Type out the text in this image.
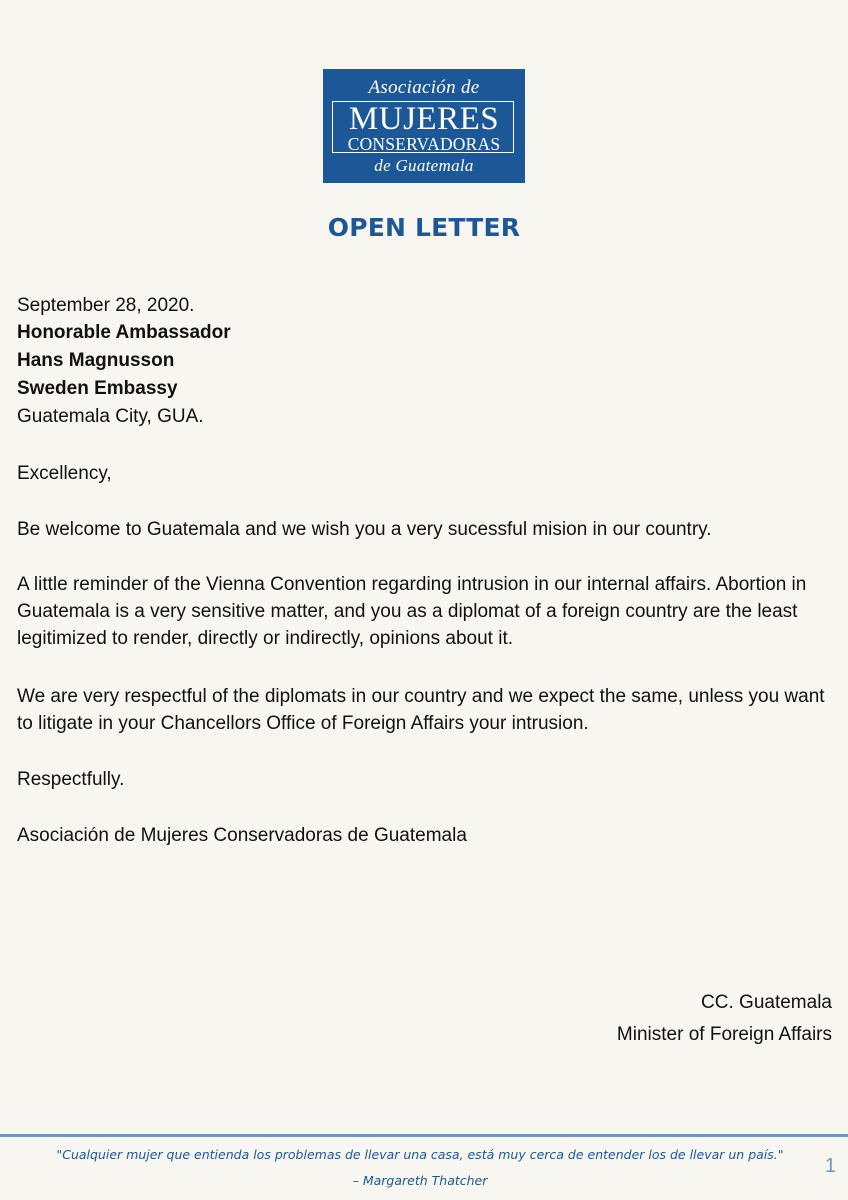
Asociación de
MUJERES
CONSERVADORAS
de Guatemala
OPEN LETTER

September 28, 2020.

Honorable Ambassador

Hans Magnusson

Sweden Embassy

Guatemala City, GUA.

Excellency,

Be welcome to Guatemala and we wish you a very sucessful mision in our country.

A little reminder of the Vienna Convention regarding intrusion in our internal affairs. Abortion in Guatemala is a very sensitive matter, and you as a diplomat of a foreign country are the least legitimized to render, directly or indirectly, opinions about it.

We are very respectful of the diplomats in our country and we expect the same, unless you want to litigate in your Chancellors Office of Foreign Affairs your intrusion.

Respectfully.

Asociación de Mujeres Conservadoras de Guatemala

CC. Guatemala
Minister of Foreign Affairs
"Cualquier mujer que entienda los problemas de llevar una casa, está muy cerca de entender los de llevar un país."
– Margareth Thatcher
1
